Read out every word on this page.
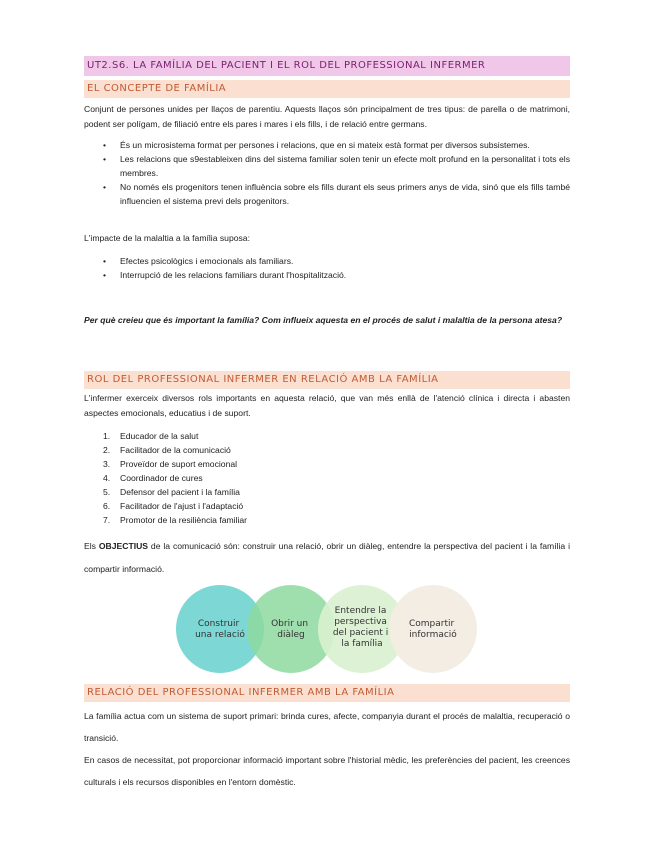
UT2.S6. LA FAMÍLIA DEL PACIENT I EL ROL DEL PROFESSIONAL INFERMER
EL CONCEPTE DE FAMÍLIA

Conjunt de persones unides per llaços de parentiu. Aquests llaços són principalment de tres tipus: de parella o de matrimoni, podent ser polígam, de filiació entre els pares i mares i els fills, i de relació entre germans.

• És un microsistema format per persones i relacions, que en si mateix està format per diversos subsistemes.
• Les relacions que s9estableixen dins del sistema familiar solen tenir un efecte molt profund en la personalitat i tots els membres.
• No només els progenitors tenen influència sobre els fills durant els seus primers anys de vida, sinó que els fills també influencien el sistema previ dels progenitors.

L'impacte de la malaltia a la família suposa:

• Efectes psicològics i emocionals als familiars.
• Interrupció de les relacions familiars durant l'hospitalització.
Per què creieu que és important la família? Com influeix aquesta en el procés de salut i malaltia de la persona atesa?
ROL DEL PROFESSIONAL INFERMER EN RELACIÓ AMB LA FAMÍLIA

L'infermer exerceix diversos rols importants en aquesta relació, que van més enllà de l'atenció clínica i directa i abasten aspectes emocionals, educatius i de suport.

1. Educador de la salut
2. Facilitador de la comunicació
3. Proveïdor de suport emocional
4. Coordinador de cures
5. Defensor del pacient i la família
6. Facilitador de l'ajust i l'adaptació
7. Promotor de la resiliència familiar

Els OBJECTIUS de la comunicació són: construir una relació, obrir un diàleg, entendre la perspectiva del pacient i la família i compartir informació.

Construir una relació
Obrir un diàleg
Entendre la perspectiva del pacient i la família
Compartir informació
RELACIÓ DEL PROFESSIONAL INFERMER AMB LA FAMÍLIA

La família actua com un sistema de suport primari: brinda cures, afecte, companyia durant el procés de malaltia, recuperació o transició.

En casos de necessitat, pot proporcionar informació important sobre l'historial mèdic, les preferències del pacient, les creences culturals i els recursos disponibles en l'entorn domèstic.
